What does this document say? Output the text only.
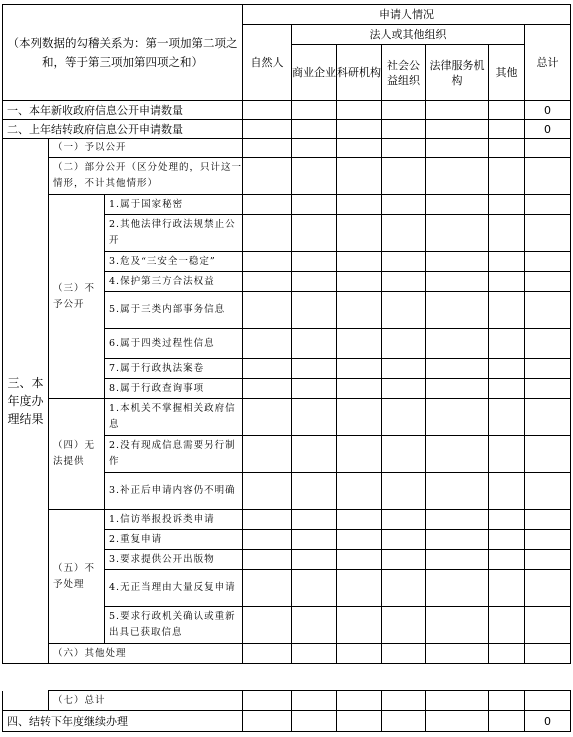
（本列数据的勾稽关系为：第一项加第二项之和，等于第三项加第四项之和）			申请人情况						
			自然人	法人或其他组织					总计
				商业企业	科研机构	社会公益组织	法律服务机构	其他	
一、本年新收政府信息公开申请数量									0
二、上年结转政府信息公开申请数量									0
三、本年度办理结果	（一）予以公开								
	（二）部分公开（区分处理的，只计这一情形，不计其他情形）								
	（三）不予公开	1.属于国家秘密							
		2.其他法律行政法规禁止公开							
		3.危及“三安全一稳定”							
		4.保护第三方合法权益							
		5.属于三类内部事务信息							
		6.属于四类过程性信息							
		7.属于行政执法案卷							
		8.属于行政查询事项							
	（四）无法提供	1.本机关不掌握相关政府信息							
		2.没有现成信息需要另行制作							
		3.补正后申请内容仍不明确							
	（五）不予处理	1.信访举报投诉类申请							
		2.重复申请							
		3.要求提供公开出版物							
		4.无正当理由大量反复申请							
		5.要求行政机关确认或重新出具已获取信息							
	（六）其他处理								
	（七）总计							
四、结转下年度继续办理								0
